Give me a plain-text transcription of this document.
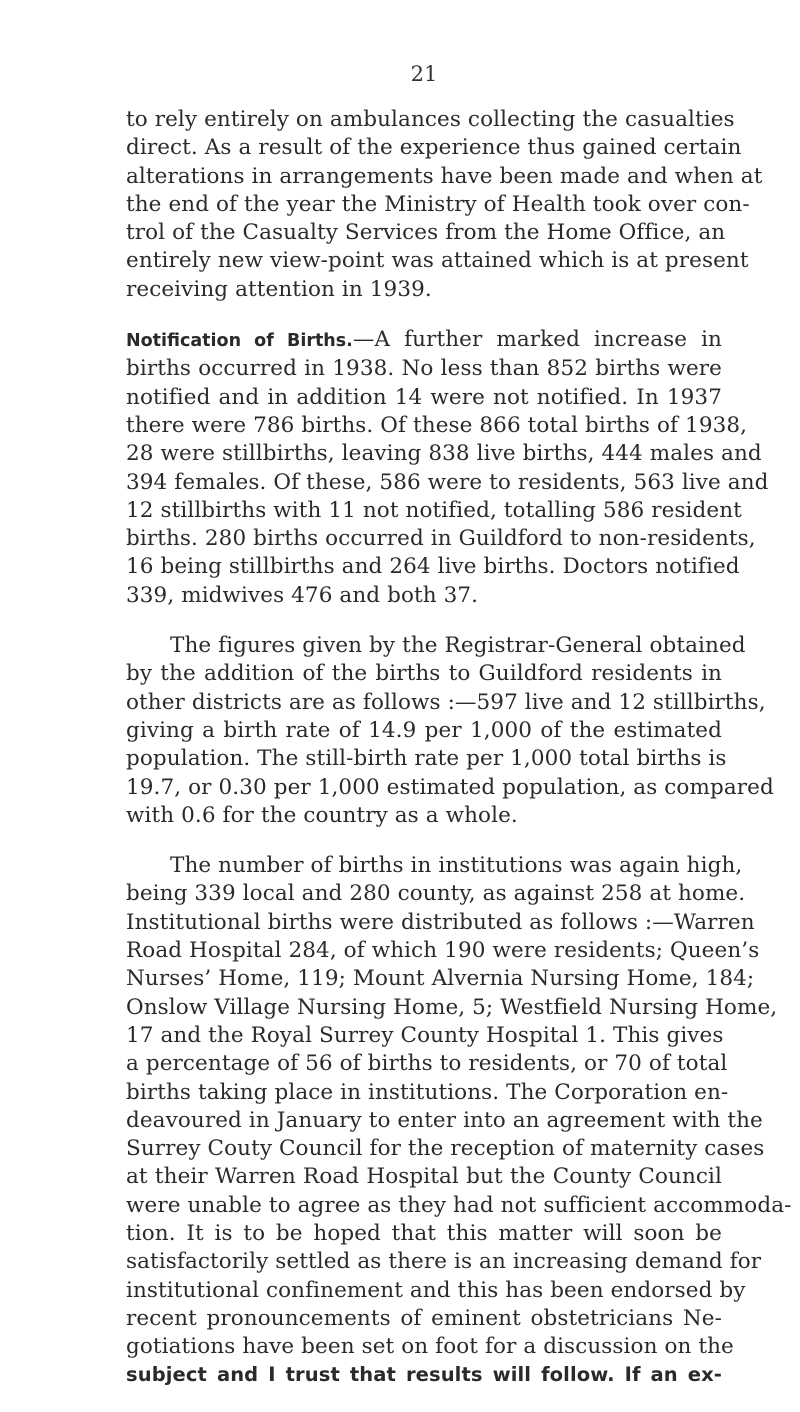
21
to rely entirely on ambulances collecting the casualties
direct. As a result of the experience thus gained certain
alterations in arrangements have been made and when at
the end of the year the Ministry of Health took over con-
trol of the Casualty Services from the Home Office, an
entirely new view-point was attained which is at present
receiving attention in 1939.
Notification of Births.—A further marked increase in
births occurred in 1938. No less than 852 births were
notified and in addition 14 were not notified. In 1937
there were 786 births. Of these 866 total births of 1938,
28 were stillbirths, leaving 838 live births, 444 males and
394 females. Of these, 586 were to residents, 563 live and
12 stillbirths with 11 not notified, totalling 586 resident
births. 280 births occurred in Guildford to non-residents,
16 being stillbirths and 264 live births. Doctors notified
339, midwives 476 and both 37.
The figures given by the Registrar-General obtained
by the addition of the births to Guildford residents in
other districts are as follows :—597 live and 12 stillbirths,
giving a birth rate of 14.9 per 1,000 of the estimated
population. The still-birth rate per 1,000 total births is
19.7, or 0.30 per 1,000 estimated population, as compared
with 0.6 for the country as a whole.
The number of births in institutions was again high,
being 339 local and 280 county, as against 258 at home.
Institutional births were distributed as follows :—Warren
Road Hospital 284, of which 190 were residents; Queen’s
Nurses’ Home, 119; Mount Alvernia Nursing Home, 184;
Onslow Village Nursing Home, 5; Westfield Nursing Home,
17 and the Royal Surrey County Hospital 1. This gives
a percentage of 56 of births to residents, or 70 of total
births taking place in institutions. The Corporation en-
deavoured in January to enter into an agreement with the
Surrey Couty Council for the reception of maternity cases
at their Warren Road Hospital but the County Council
were unable to agree as they had not sufficient accommoda-
tion. It is to be hoped that this matter will soon be
satisfactorily settled as there is an increasing demand for
institutional confinement and this has been endorsed by
recent pronouncements of eminent obstetricians Ne-
gotiations have been set on foot for a discussion on the
subject and I trust that results will follow. If an ex-
